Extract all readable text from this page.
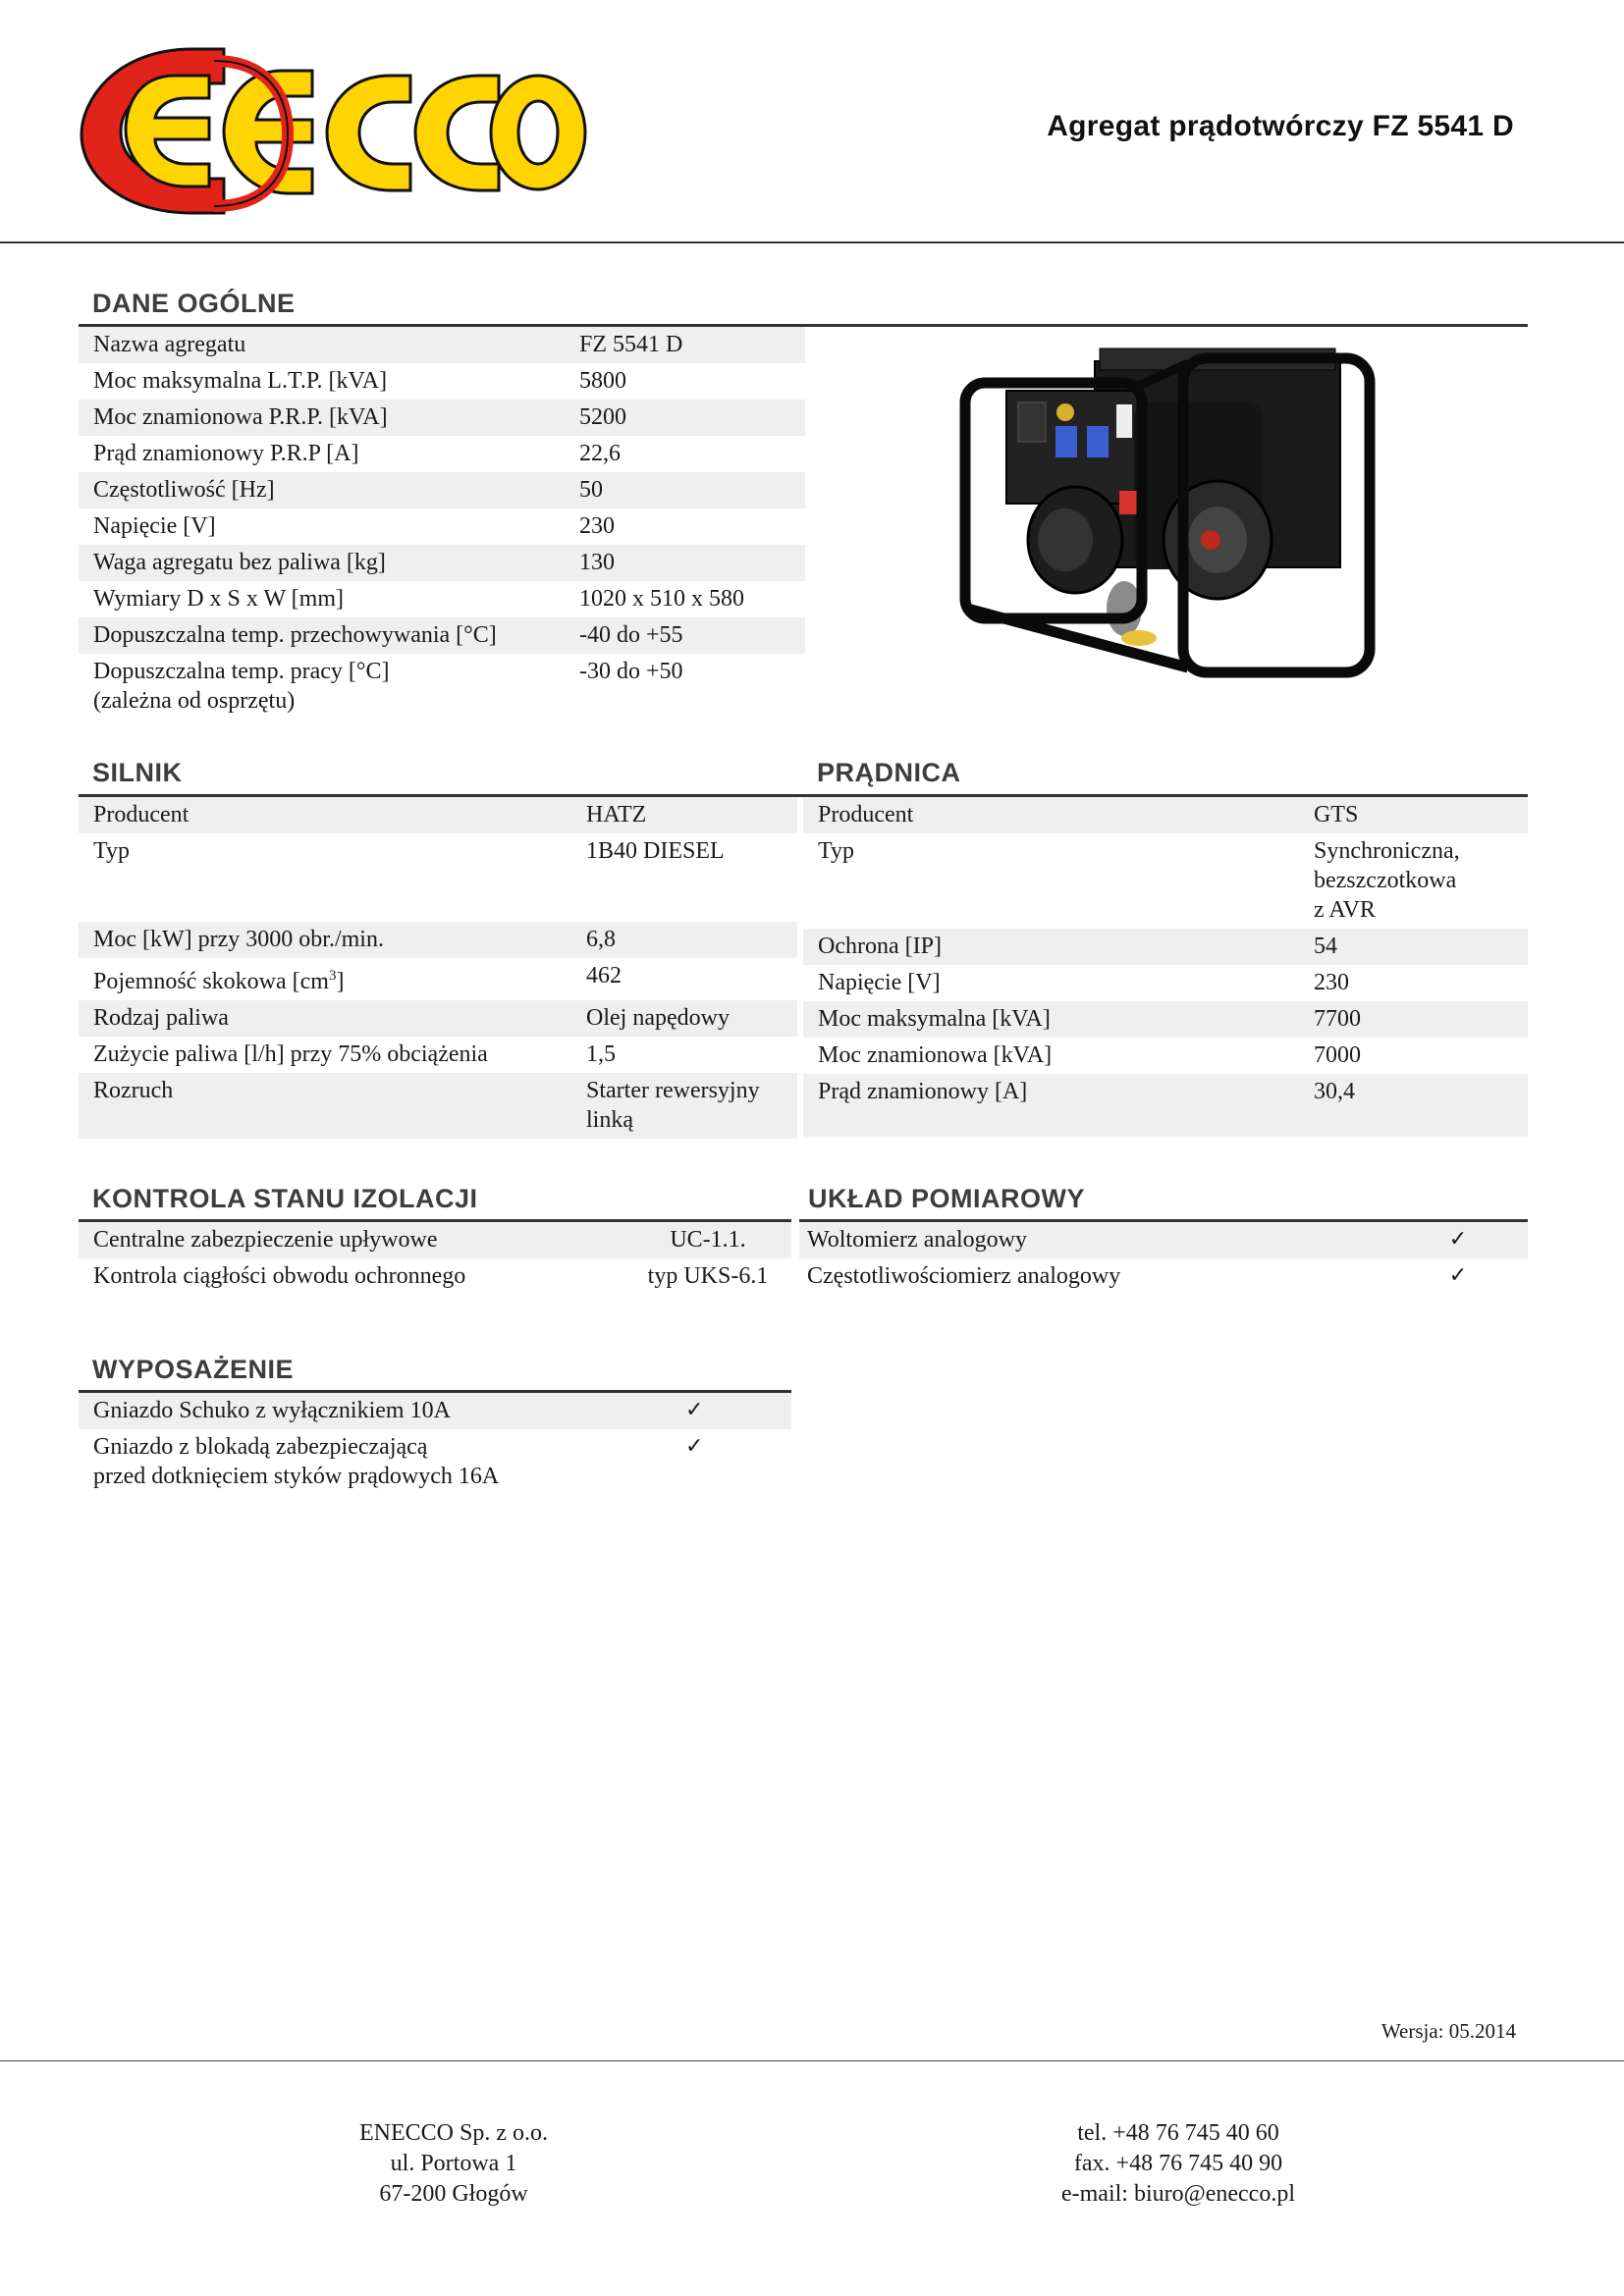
Agregat prądotwórczy FZ 5541 D
DANE OGÓLNE
Nazwa agregatu	FZ 5541 D
Moc maksymalna L.T.P. [kVA]	5800
Moc znamionowa P.R.P. [kVA]	5200
Prąd znamionowy P.R.P [A]	22,6
Częstotliwość [Hz]	50
Napięcie [V]	230
Waga agregatu bez paliwa [kg]	130
Wymiary D x S x W [mm]	1020 x 510 x 580
Dopuszczalna temp. przechowywania [°C]	-40 do +55
Dopuszczalna temp. pracy [°C]
(zależna od osprzętu)	-30 do +50
SILNIK	PRĄDNICA
Producent	HATZ
Typ	1B40 DIESEL
Moc [kW] przy 3000 obr./min.	6,8
Pojemność skokowa $[cm^3]$	462
Rodzaj paliwa	Olej napędowy
Zużycie paliwa [l/h] przy 75% obciążenia	1,5
Rozruch	Starter rewersyjny
linką
Producent	GTS
Typ	Synchroniczna,
bezszczotkowa
z AVR
Ochrona [IP]	54
Napięcie [V]	230
Moc maksymalna [kVA]	7700
Moc znamionowa [kVA]	7000
Prąd znamionowy [A]	30,4
KONTROLA STANU IZOLACJI	UKŁAD POMIAROWY
Centralne zabezpieczenie upływowe	UC-1.1.
Kontrola ciągłości obwodu ochronnego	typ UKS-6.1
Woltomierz analogowy	✓
Częstotliwościomierz analogowy	✓
WYPOSAŻENIE
Gniazdo Schuko z wyłącznikiem 10A	✓
Gniazdo z blokadą zabezpieczającą
przed dotknięciem styków prądowych 16A	✓
Wersja: 05.2014
ENECCO Sp. z o.o.
ul. Portowa 1
67-200 Głogów
tel. +48 76 745 40 60
fax. +48 76 745 40 90
e-mail: biuro@enecco.pl
